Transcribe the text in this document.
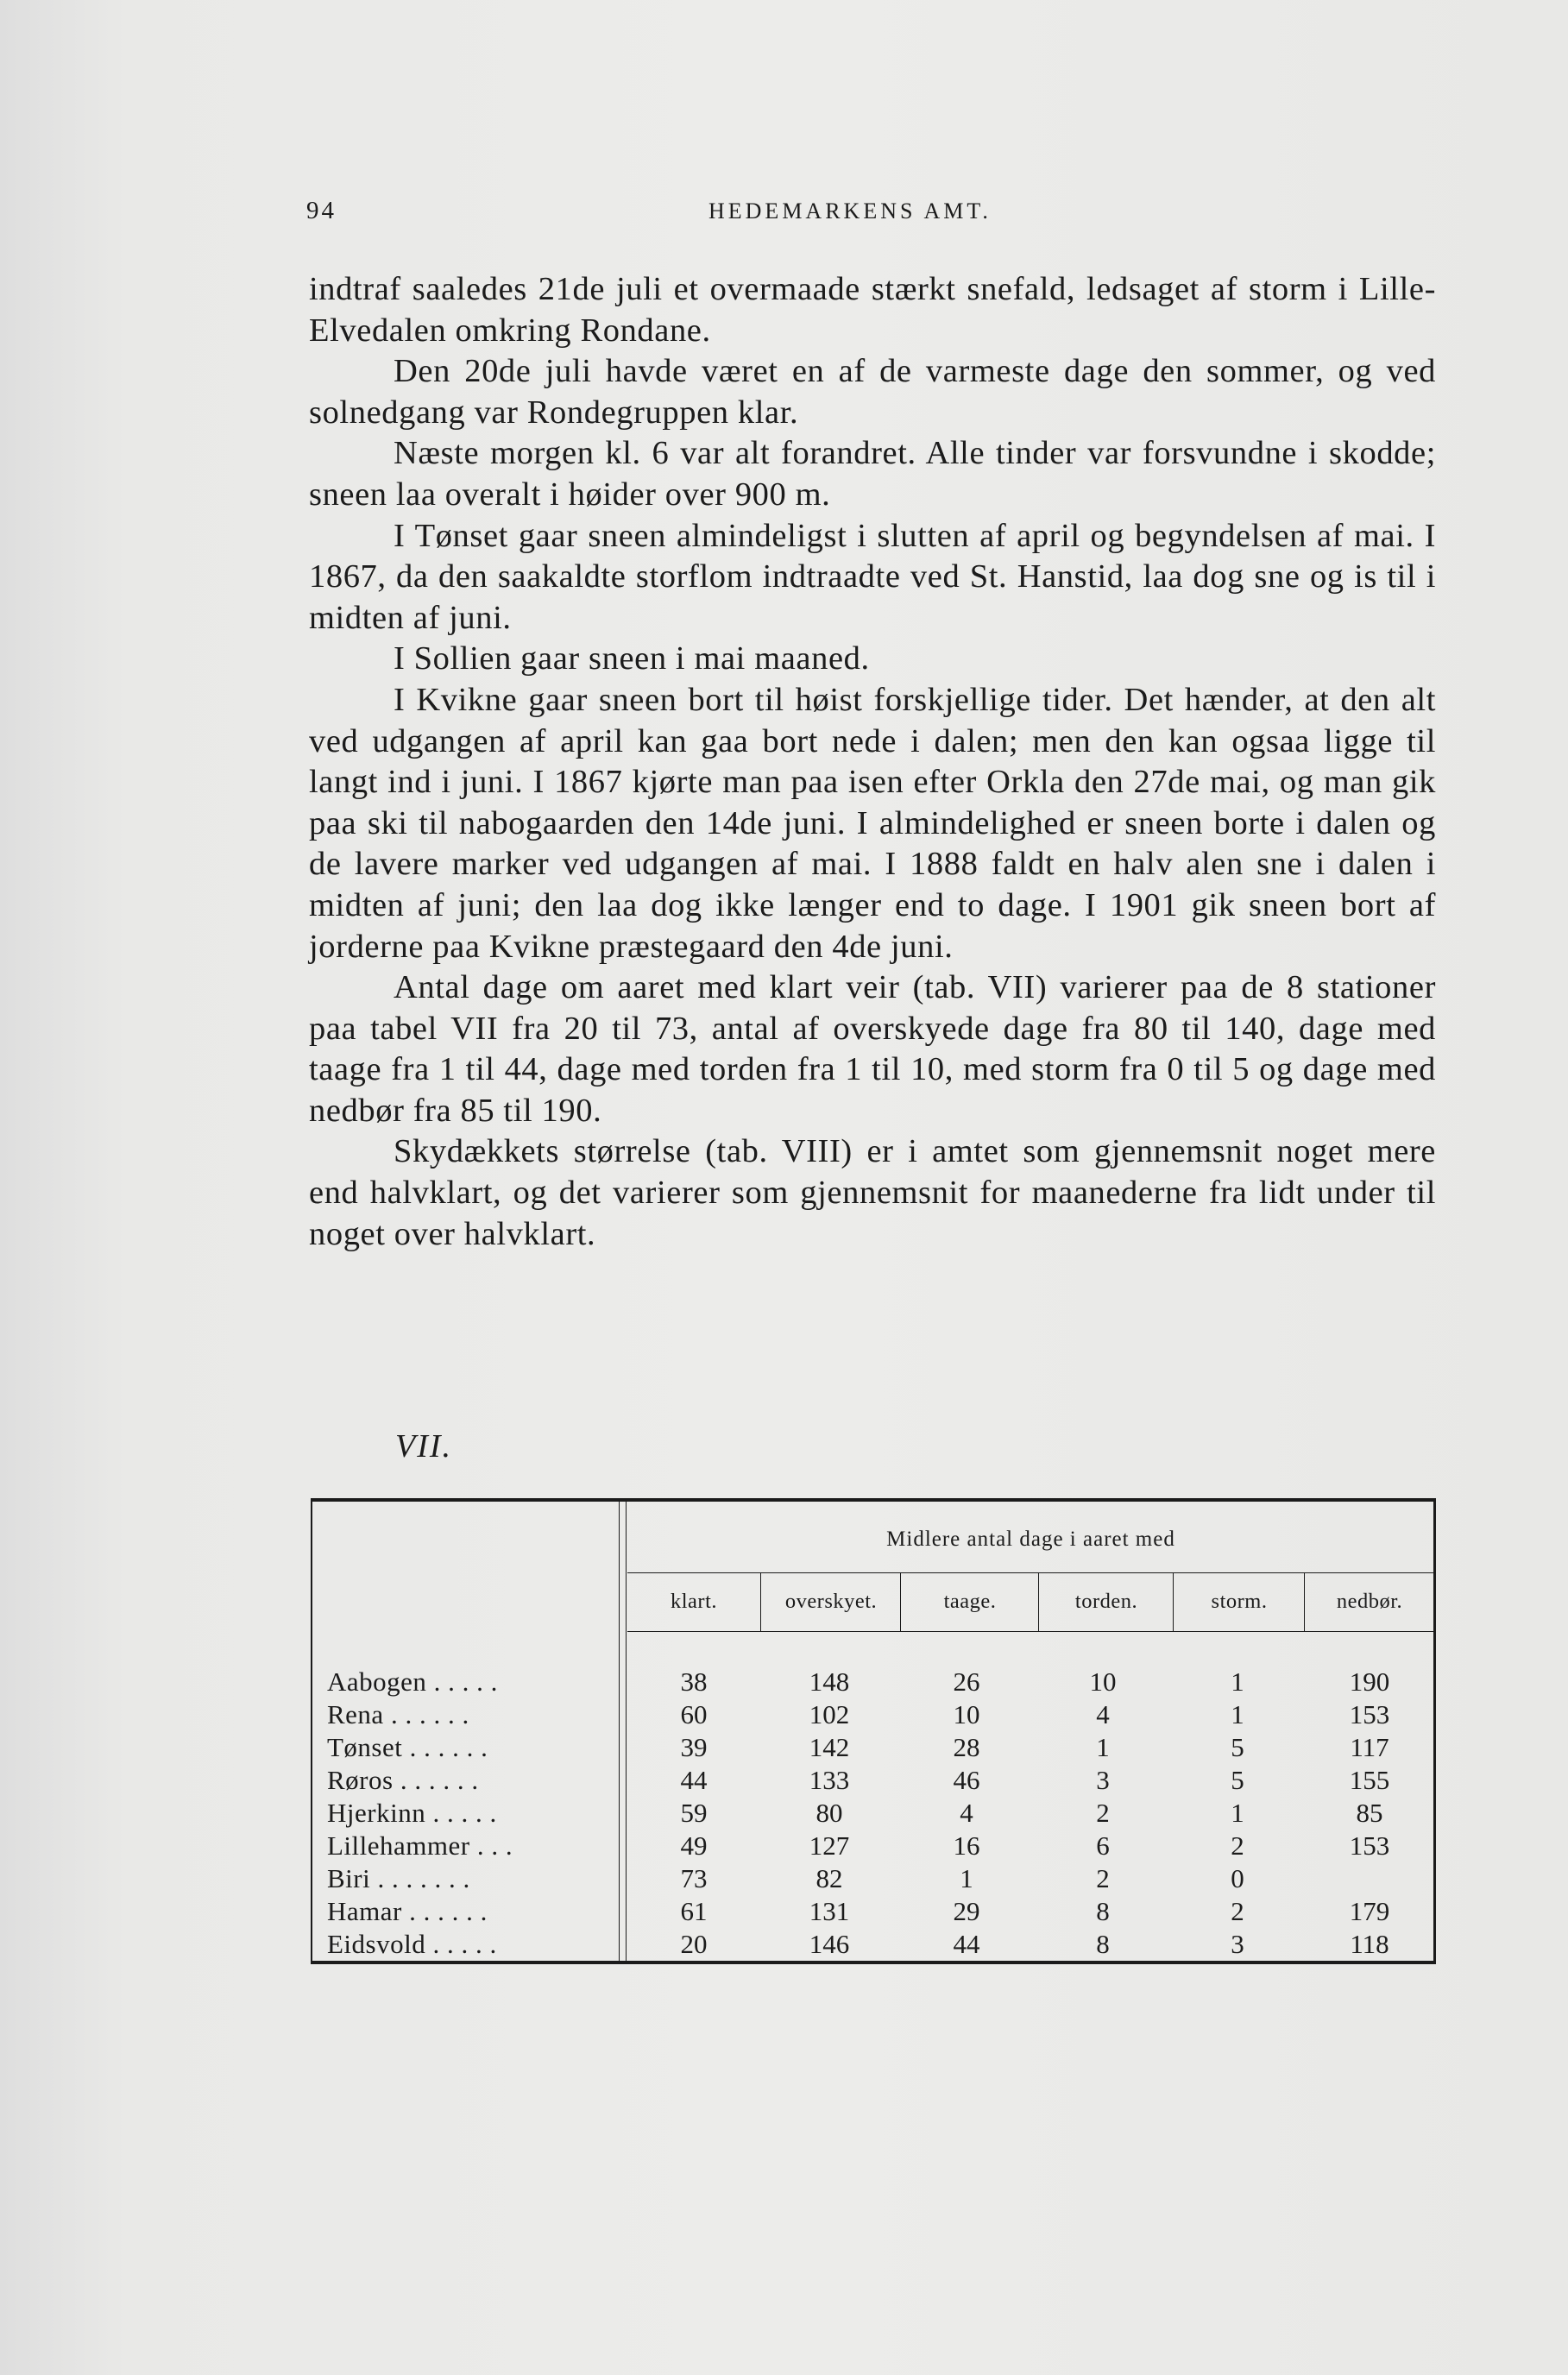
94	HEDEMARKENS AMT.

indtraf saaledes 21de juli et overmaade stærkt snefald, ledsaget af storm i Lille-Elvedalen omkring Rondane.

Den 20de juli havde været en af de varmeste dage den sommer, og ved solnedgang var Rondegruppen klar.

Næste morgen kl. 6 var alt forandret. Alle tinder var forsvundne i skodde; sneen laa overalt i høider over 900 m.

I Tønset gaar sneen almindeligst i slutten af april og begyndelsen af mai. I 1867, da den saakaldte storflom indtraadte ved St. Hanstid, laa dog sne og is til i midten af juni.

I Sollien gaar sneen i mai maaned.

I Kvikne gaar sneen bort til høist forskjellige tider. Det hænder, at den alt ved udgangen af april kan gaa bort nede i dalen; men den kan ogsaa ligge til langt ind i juni. I 1867 kjørte man paa isen efter Orkla den 27de mai, og man gik paa ski til nabogaarden den 14de juni. I almindelighed er sneen borte i dalen og de lavere marker ved udgangen af mai. I 1888 faldt en halv alen sne i dalen i midten af juni; den laa dog ikke længer end to dage. I 1901 gik sneen bort af jorderne paa Kvikne præstegaard den 4de juni.

Antal dage om aaret med klart veir (tab. VII) varierer paa de 8 stationer paa tabel VII fra 20 til 73, antal af overskyede dage fra 80 til 140, dage med taage fra 1 til 44, dage med torden fra 1 til 10, med storm fra 0 til 5 og dage med nedbør fra 85 til 190.

Skydækkets størrelse (tab. VIII) er i amtet som gjennemsnit noget mere end halvklart, og det varierer som gjennemsnit for maanederne fra lidt under til noget over halvklart.

VII.
Midlere antal dage i aaret med
klart.	overskyet.	taage.	torden.	storm.	nedbør.
Aabogen . . . . .	38	148	26	10	1	190
Rena . . . . . .	60	102	10	4	1	153
Tønset . . . . . .	39	142	28	1	5	117
Røros . . . . . .	44	133	46	3	5	155
Hjerkinn . . . . .	59	80	4	2	1	85
Lillehammer . . .	49	127	16	6	2	153
Biri . . . . . . .	73	82	1	2	0
Hamar . . . . . .	61	131	29	8	2	179
Eidsvold . . . . .	20	146	44	8	3	118
